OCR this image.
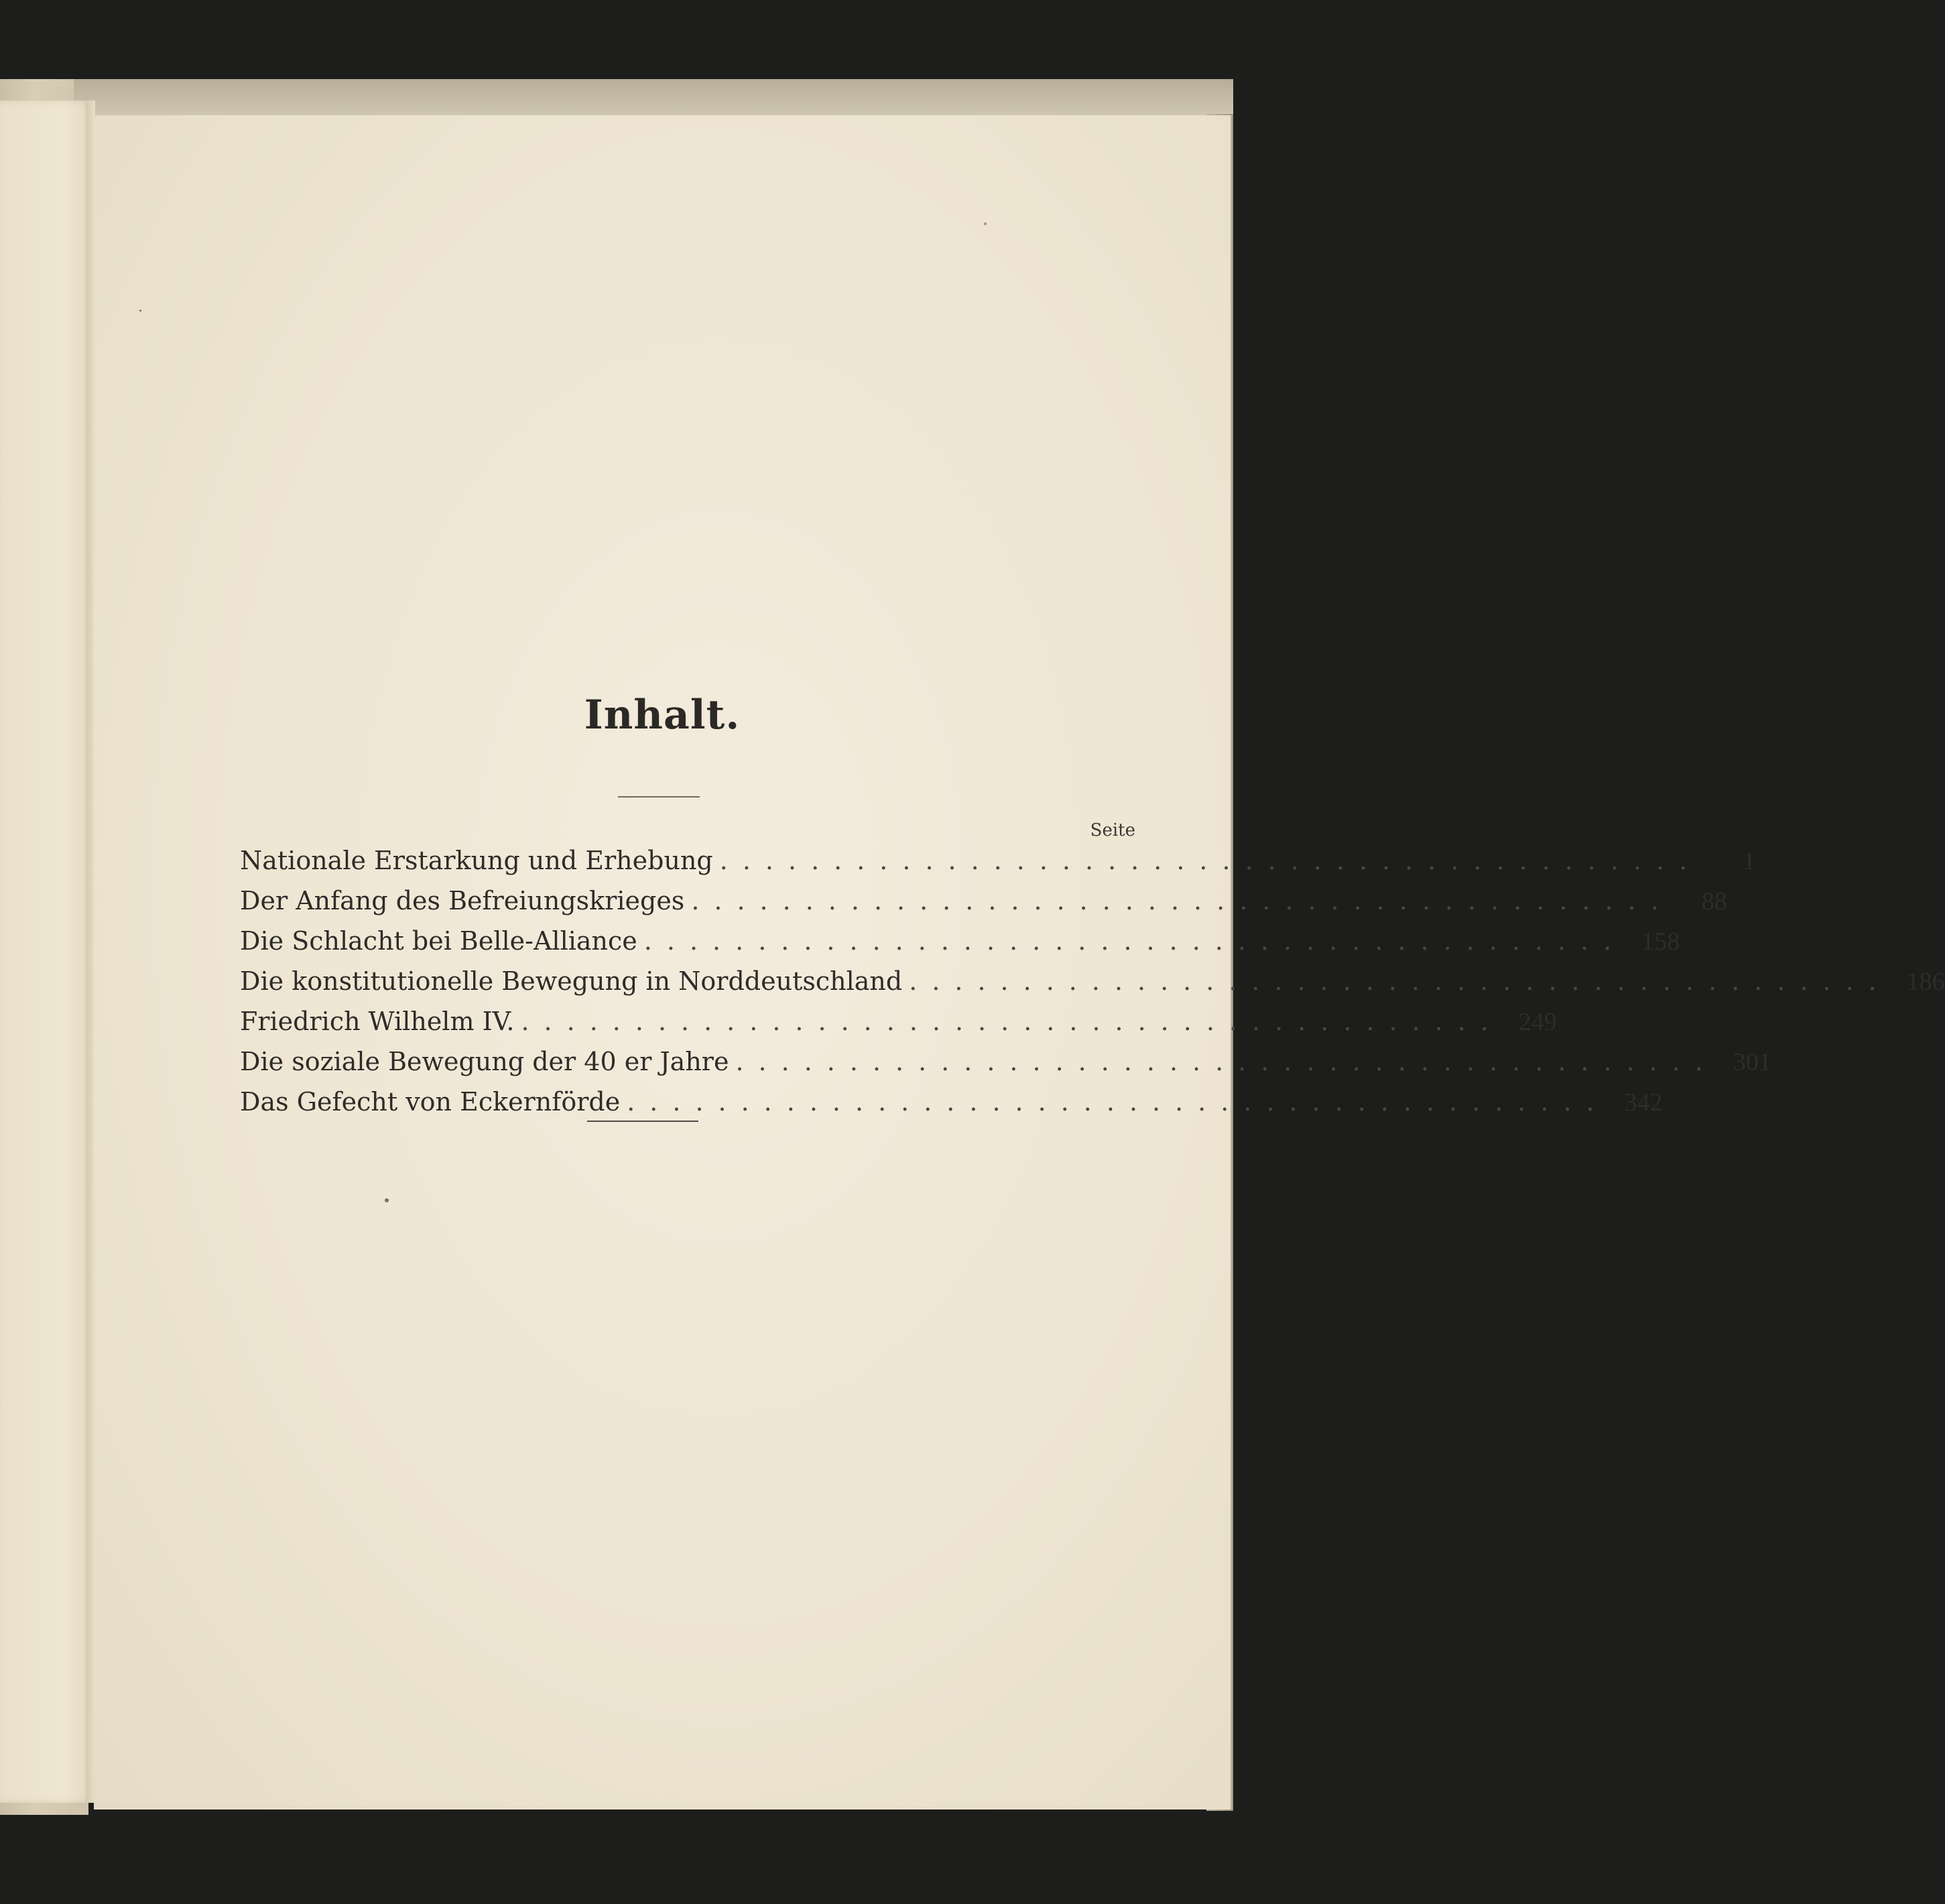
Inhalt.
Seite
Nationale Erstarkung und Erhebung ...........................................	1
Der Anfang des Befreiungskrieges ...........................................	88
Die Schlacht bei Belle-Alliance ........................................... 158
Die konstitutionelle Bewegung in Norddeutschland ........................................... 186
Friedrich Wilhelm IV. ........................................... 249
Die soziale Bewegung der 40 er Jahre ........................................... 301
Das Gefecht von Eckernförde ........................................... 342
